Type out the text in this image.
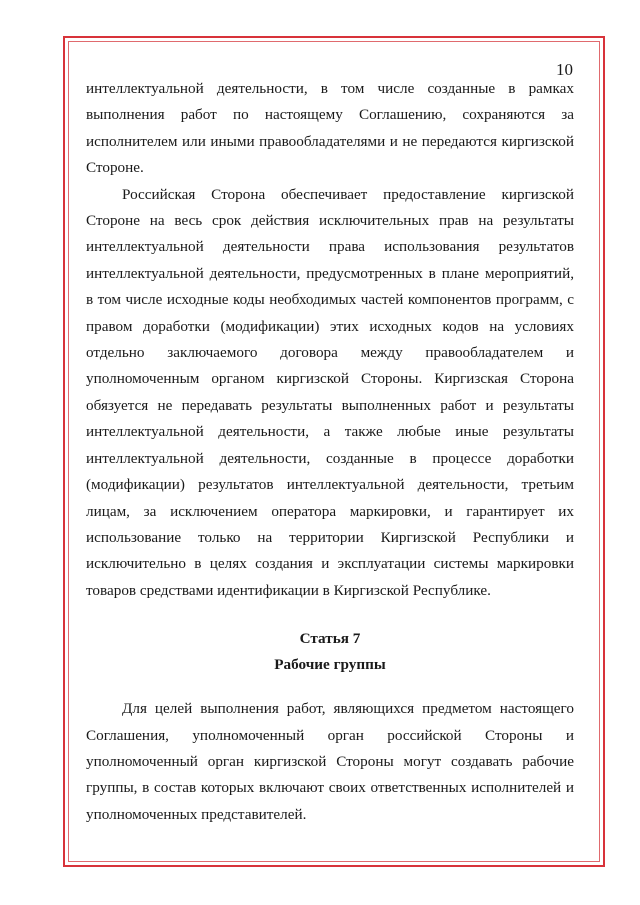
10

интеллектуальной деятельности, в том числе созданные в рамках выполнения работ по настоящему Соглашению, сохраняются за исполнителем или иными правообладателями и не передаются киргизской Стороне.

Российская Сторона обеспечивает предоставление киргизской Стороне на весь срок действия исключительных прав на результаты интеллектуальной деятельности права использования результатов интеллектуальной деятельности, предусмотренных в плане мероприятий, в том числе исходные коды необходимых частей компонентов программ, с правом доработки (модификации) этих исходных кодов на условиях отдельно заключаемого договора между правообладателем и уполномоченным органом киргизской Стороны. Киргизская Сторона обязуется не передавать результаты выполненных работ и результаты интеллектуальной деятельности, а также любые иные результаты интеллектуальной деятельности, созданные в процессе доработки (модификации) результатов интеллектуальной деятельности, третьим лицам, за исключением оператора маркировки, и гарантирует их использование только на территории Киргизской Республики и исключительно в целях создания и эксплуатации системы маркировки товаров средствами идентификации в Киргизской Республике.

Статья 7
Рабочие группы

Для целей выполнения работ, являющихся предметом настоящего Соглашения, уполномоченный орган российской Стороны и уполномоченный орган киргизской Стороны могут создавать рабочие группы, в состав которых включают своих ответственных исполнителей и уполномоченных представителей.
